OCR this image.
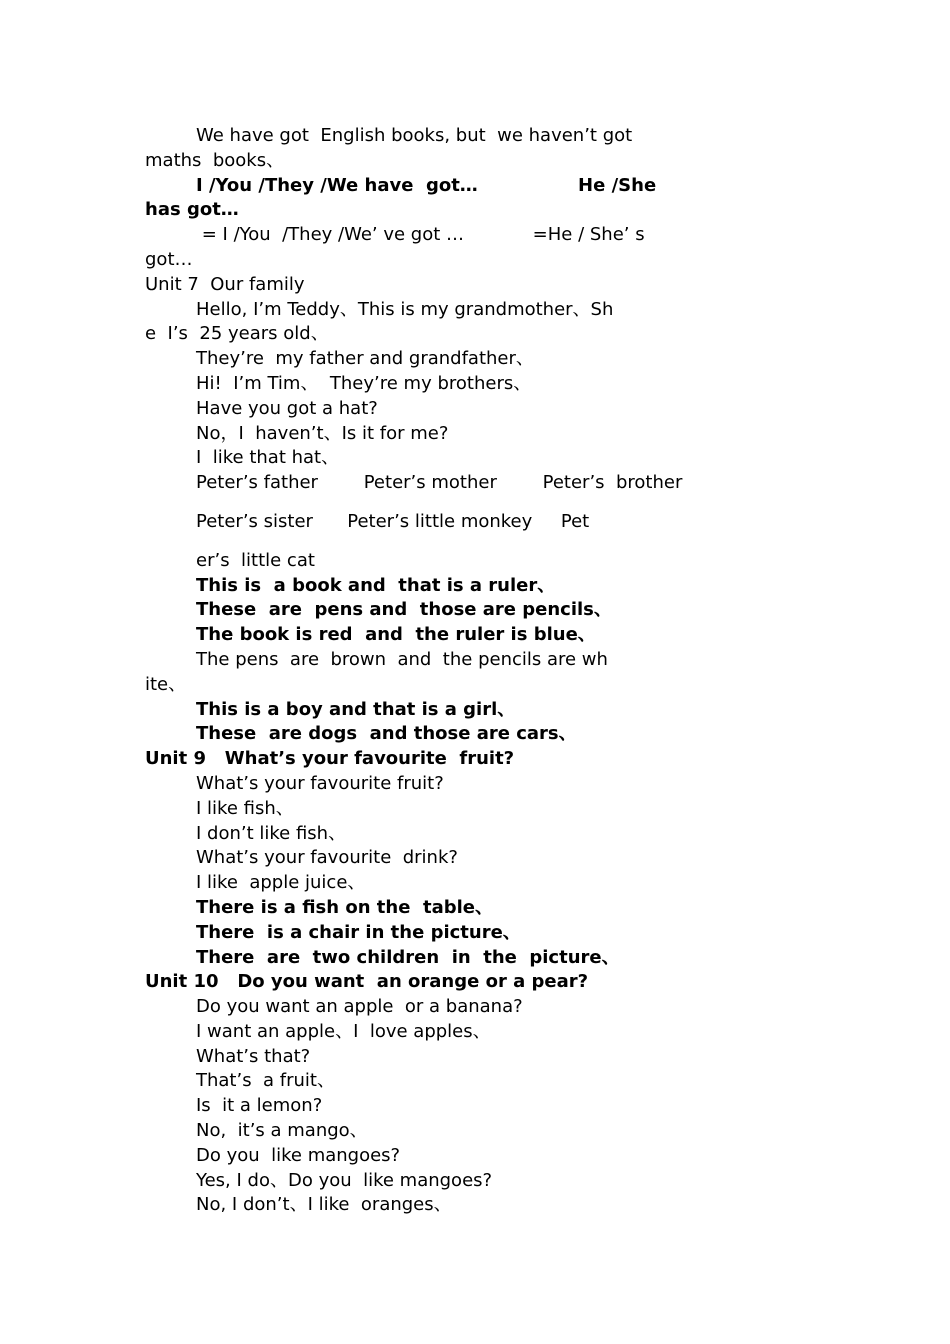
We have got  English books, but  we haven’t got
maths  books、
I /You /They /We have  got…                He /She
has got…
= I /You  /They /We’ ve got …            =He / She’ s
got…
Unit 7  Our family
Hello, I’m Teddy、This is my grandmother、Sh
e  I’s  25 years old、
They’re  my father and grandfather、
Hi!  I’m Tim、  They’re my brothers、
Have you got a hat?
No，I  haven’t、Is it for me?
I  like that hat、
Peter’s father        Peter’s mother        Peter’s  brother
Peter’s sister      Peter’s little monkey     Pet
er’s  little cat
This is  a book and  that is a ruler、
These  are  pens and  those are pencils、
The book is red  and  the ruler is blue、
The pens  are  brown  and  the pencils are wh
ite、
This is a boy and that is a girl、
These  are dogs  and those are cars、
Unit 9   What’s your favourite  fruit?
What’s your favourite fruit?
I like fish、
I don’t like fish、
What’s your favourite  drink?
I like  apple juice、
There is a fish on the  table、
There  is a chair in the picture、
There  are  two children  in  the  picture、
Unit 10   Do you want  an orange or a pear?
Do you want an apple  or a banana?
I want an apple、I  love apples、
What’s that?
That’s  a fruit、
Is  it a lemon?
No,  it’s a mango、
Do you  like mangoes?
Yes, I do、Do you  like mangoes?
No, I don’t、I like  oranges、
